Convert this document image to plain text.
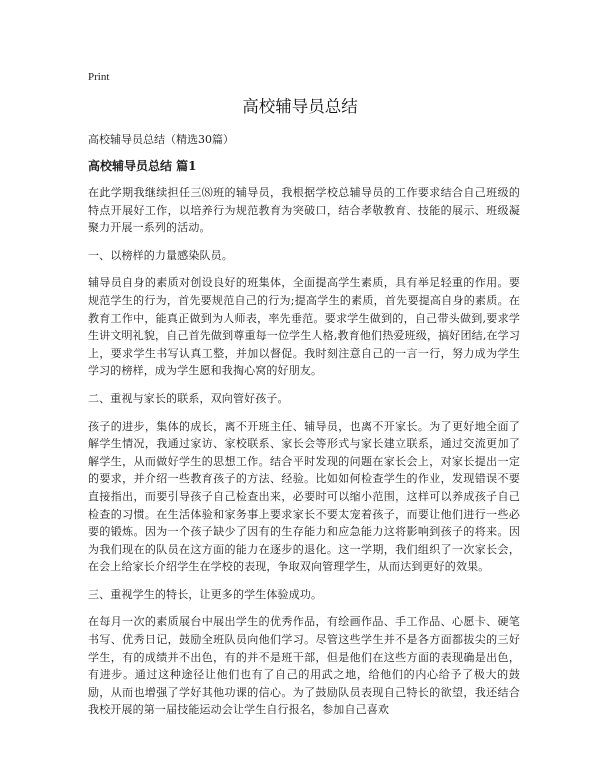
Print
高校辅导员总结
高校辅导员总结（精选30篇）
高校辅导员总结 篇1

在此学期我继续担任三⑻班的辅导员，我根据学校总辅导员的工作要求结合自己班级的特点开展好工作，以培养行为规范教育为突破口，结合孝敬教育、技能的展示、班级凝聚力开展一系列的活动。

一、以榜样的力量感染队员。

辅导员自身的素质对创设良好的班集体，全面提高学生素质，具有举足轻重的作用。要规范学生的行为，首先要规范自己的行为;提高学生的素质，首先要提高自身的素质。在教育工作中，能真正做到为人师表，率先垂范。要求学生做到的，自己带头做到,要求学生讲文明礼貌，自己首先做到尊重每一位学生人格,教育他们热爱班级，搞好团结,在学习上，要求学生书写认真工整，并加以督促。我时刻注意自己的一言一行，努力成为学生学习的榜样，成为学生愿和我掏心窝的好朋友。

二、重视与家长的联系，双向管好孩子。

孩子的进步，集体的成长，离不开班主任、辅导员，也离不开家长。为了更好地全面了解学生情况，我通过家访、家校联系、家长会等形式与家长建立联系，通过交流更加了解学生，从而做好学生的思想工作。结合平时发现的问题在家长会上，对家长提出一定的要求，并介绍一些教育孩子的方法、经验。比如如何检查学生的作业，发现错误不要直接指出，而要引导孩子自己检查出来，必要时可以缩小范围，这样可以养成孩子自己检查的习惯。在生活体验和家务事上要求家长不要太宠着孩子，而要让他们进行一些必要的锻炼。因为一个孩子缺少了因有的生存能力和应急能力这将影响到孩子的将来。因为我们现在的队员在这方面的能力在逐步的退化。这一学期，我们组织了一次家长会，在会上给家长介绍学生在学校的表现，争取双向管理学生，从而达到更好的效果。

三、重视学生的特长，让更多的学生体验成功。

在每月一次的素质展台中展出学生的优秀作品，有绘画作品、手工作品、心愿卡、硬笔书写、优秀日记，鼓励全班队员向他们学习。尽管这些学生并不是各方面都拔尖的三好学生，有的成绩并不出色，有的并不是班干部，但是他们在这些方面的表现确是出色，有进步。通过这种途径让他们也有了自己的用武之地，给他们的内心给予了极大的鼓励，从而也增强了学好其他功课的信心。为了鼓励队员表现自己特长的欲望，我还结合我校开展的第一届技能运动会让学生自行报名，参加自己喜欢
